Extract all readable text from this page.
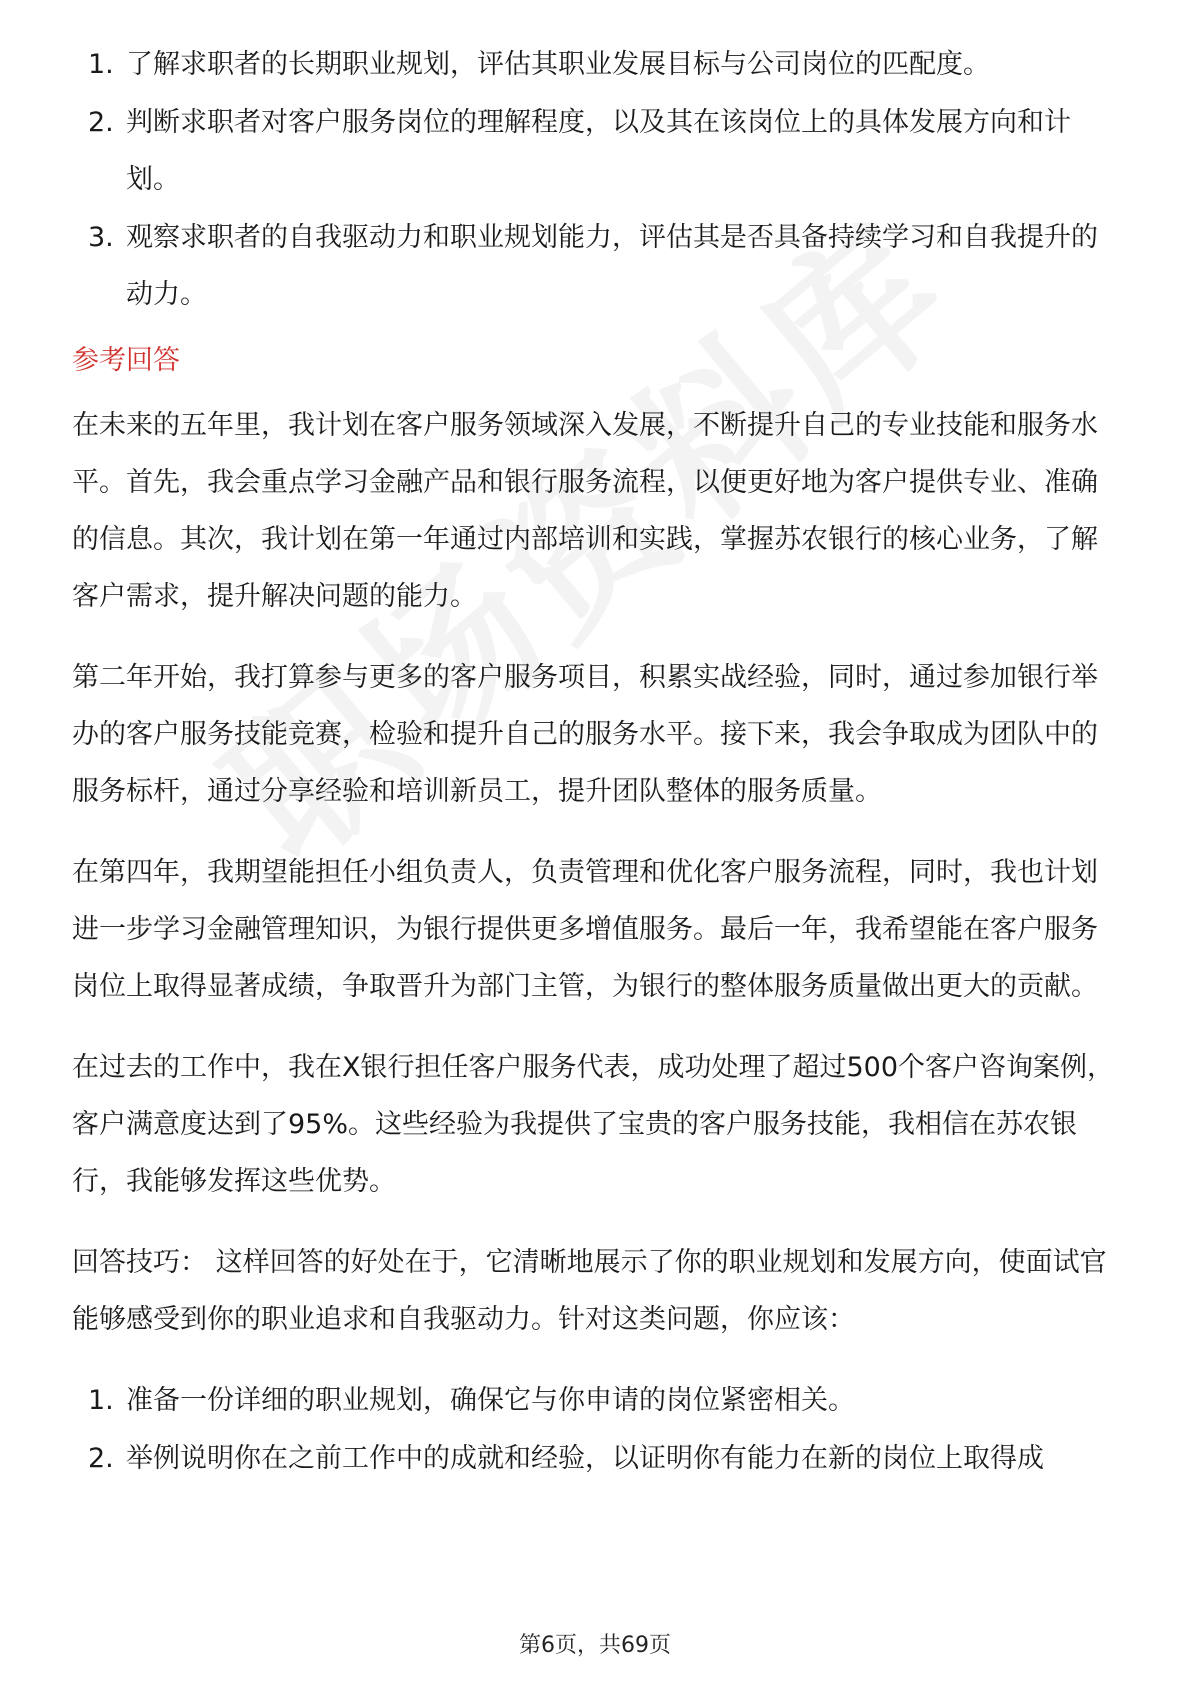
1. 了解求职者的长期职业规划，评估其职业发展目标与公司岗位的匹配度。
2. 判断求职者对客户服务岗位的理解程度，以及其在该岗位上的具体发展方向和计划。
3. 观察求职者的自我驱动力和职业规划能力，评估其是否具备持续学习和自我提升的动力。
参考回答

在未来的五年里，我计划在客户服务领域深入发展，不断提升自己的专业技能和服务水平。首先，我会重点学习金融产品和银行服务流程，以便更好地为客户提供专业、准确的信息。其次，我计划在第一年通过内部培训和实践，掌握苏农银行的核心业务，了解客户需求，提升解决问题的能力。

第二年开始，我打算参与更多的客户服务项目，积累实战经验，同时，通过参加银行举办的客户服务技能竞赛，检验和提升自己的服务水平。接下来，我会争取成为团队中的服务标杆，通过分享经验和培训新员工，提升团队整体的服务质量。

在第四年，我期望能担任小组负责人，负责管理和优化客户服务流程，同时，我也计划进一步学习金融管理知识，为银行提供更多增值服务。最后一年，我希望能在客户服务岗位上取得显著成绩，争取晋升为部门主管，为银行的整体服务质量做出更大的贡献。

在过去的工作中，我在X银行担任客户服务代表，成功处理了超过500个客户咨询案例，客户满意度达到了95%。这些经验为我提供了宝贵的客户服务技能，我相信在苏农银行，我能够发挥这些优势。

回答技巧： 这样回答的好处在于，它清晰地展示了你的职业规划和发展方向，使面试官能够感受到你的职业追求和自我驱动力。针对这类问题，你应该：

1. 准备一份详细的职业规划，确保它与你申请的岗位紧密相关。
2. 举例说明你在之前工作中的成就和经验，以证明你有能力在新的岗位上取得成
第6页，共69页
